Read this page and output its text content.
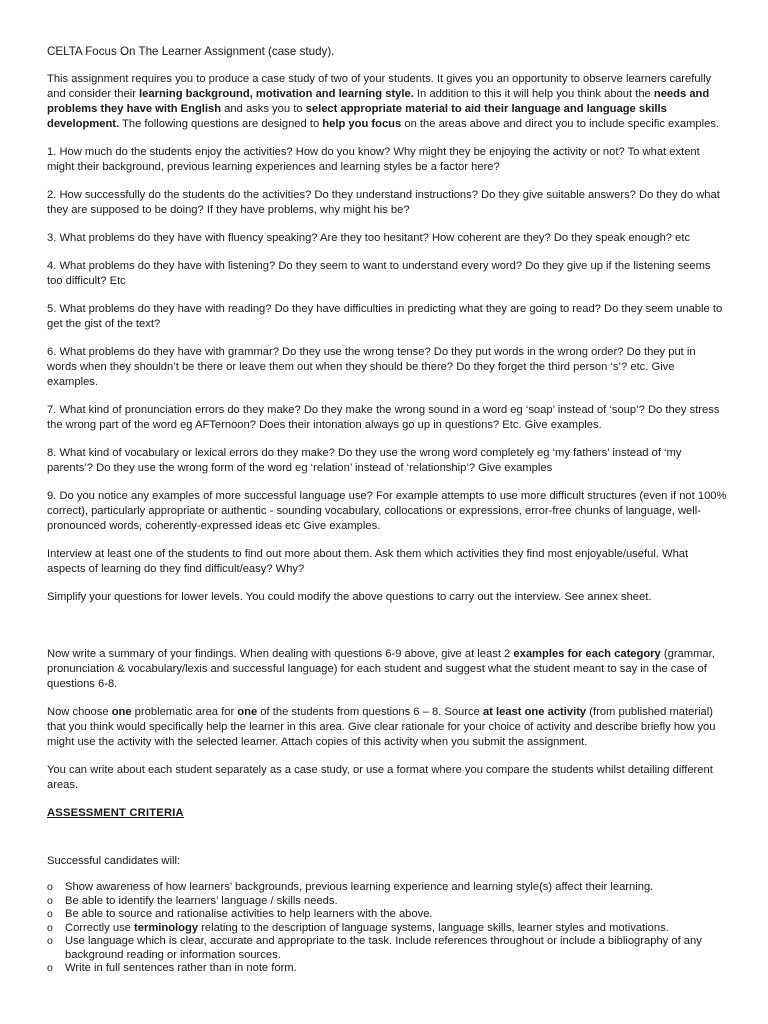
CELTA Focus On The Learner Assignment (case study).

This assignment requires you to produce a case study of two of your students. It gives you an opportunity to observe learners carefully and consider their learning background, motivation and learning style. In addition to this it will help you think about the needs and problems they have with English and asks you to select appropriate material to aid their language and language skills development. The following questions are designed to help you focus on the areas above and direct you to include specific examples.

1. How much do the students enjoy the activities? How do you know? Why might they be enjoying the activity or not? To what extent might their background, previous learning experiences and learning styles be a factor here?

2. How successfully do the students do the activities? Do they understand instructions? Do they give suitable answers? Do they do what they are supposed to be doing? If they have problems, why might his be?

3. What problems do they have with fluency speaking? Are they too hesitant? How coherent are they? Do they speak enough? etc

4. What problems do they have with listening? Do they seem to want to understand every word? Do they give up if the listening seems too difficult? Etc

5. What problems do they have with reading? Do they have difficulties in predicting what they are going to read? Do they seem unable to get the gist of the text?

6. What problems do they have with grammar? Do they use the wrong tense? Do they put words in the wrong order? Do they put in words when they shouldn’t be there or leave them out when they should be there? Do they forget the third person ‘s’? etc. Give examples.

7. What kind of pronunciation errors do they make? Do they make the wrong sound in a word eg ‘soap’ instead of ‘soup’? Do they stress the wrong part of the word eg AFTernoon? Does their intonation always go up in questions? Etc. Give examples.

8. What kind of vocabulary or lexical errors do they make? Do they use the wrong word completely eg ‘my fathers’ instead of ‘my parents’? Do they use the wrong form of the word eg ‘relation’ instead of ‘relationship’? Give examples

9. Do you notice any examples of more successful language use? For example attempts to use more difficult structures (even if not 100% correct), particularly appropriate or authentic - sounding vocabulary, collocations or expressions, error-free chunks of language, well- pronounced words, coherently-expressed ideas etc Give examples.

Interview at least one of the students to find out more about them. Ask them which activities they find most enjoyable/useful. What aspects of learning do they find difficult/easy? Why?

Simplify your questions for lower levels. You could modify the above questions to carry out the interview. See annex sheet.

Now write a summary of your findings. When dealing with questions 6-9 above, give at least 2 examples for each category (grammar, pronunciation & vocabulary/lexis and successful language) for each student and suggest what the student meant to say in the case of questions 6-8.

Now choose one problematic area for one of the students from questions 6 – 8. Source at least one activity (from published material) that you think would specifically help the learner in this area. Give clear rationale for your choice of activity and describe briefly how you might use the activity with the selected learner. Attach copies of this activity when you submit the assignment.

You can write about each student separately as a case study, or use a format where you compare the students whilst detailing different areas.

ASSESSMENT CRITERIA

Successful candidates will:

o Show awareness of how learners’ backgrounds, previous learning experience and learning style(s) affect their learning.
o Be able to identify the learners’ language / skills needs.
o Be able to source and rationalise activities to help learners with the above.
o Correctly use terminology relating to the description of language systems, language skills, learner styles and motivations.
o Use language which is clear, accurate and appropriate to the task. Include references throughout or include a bibliography of any background reading or information sources.
o Write in full sentences rather than in note form.
